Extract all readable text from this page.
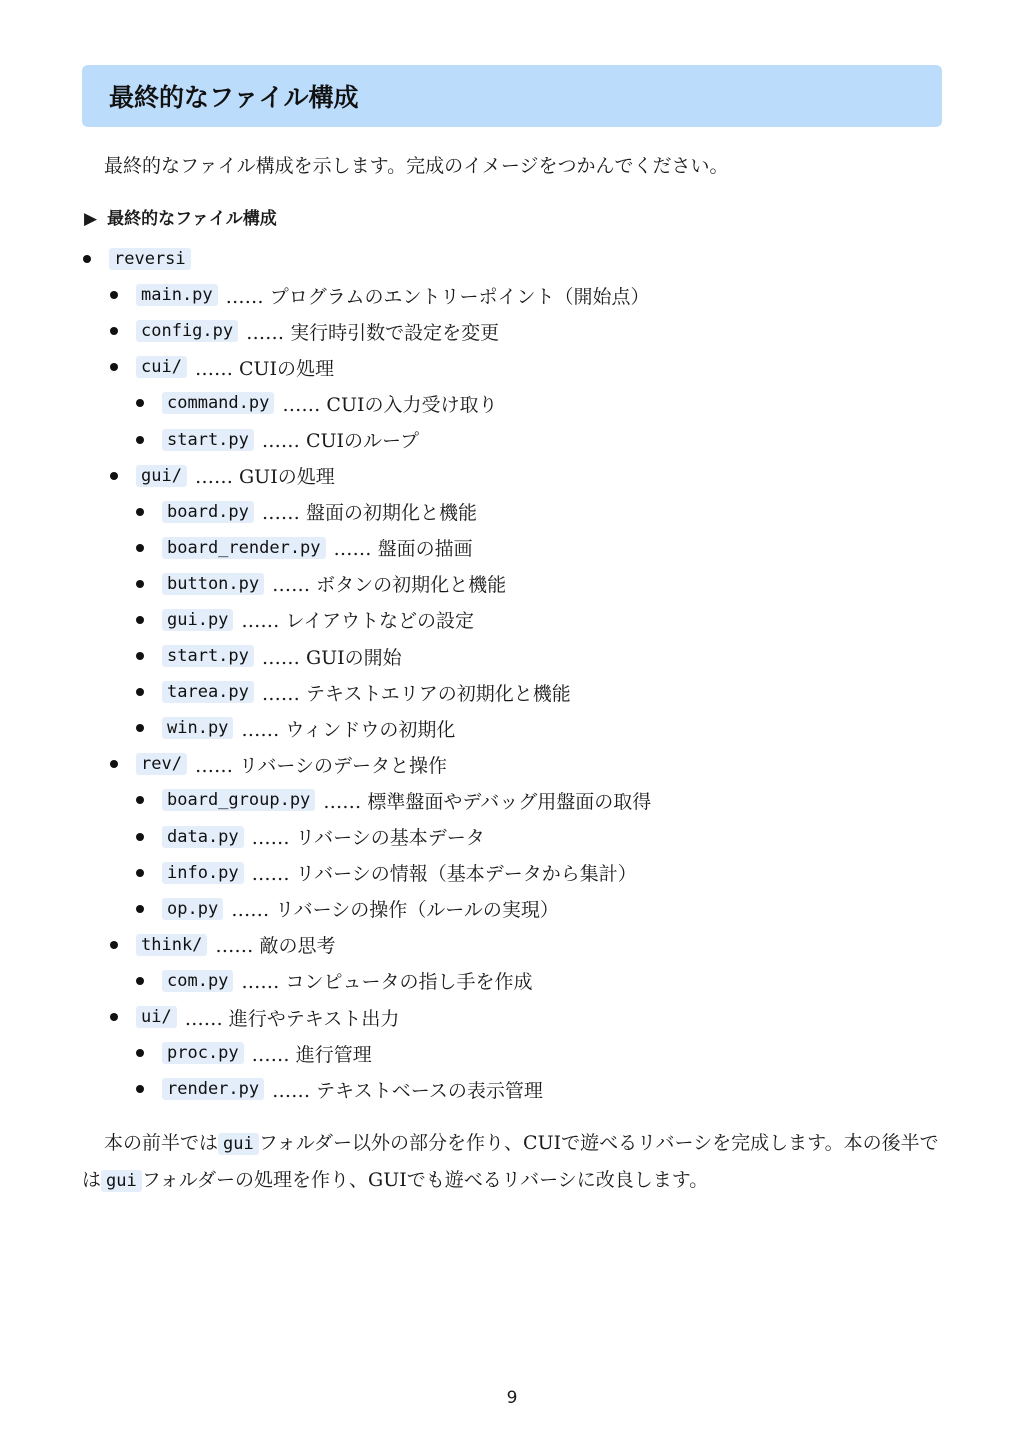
最終的なファイル構成

最終的なファイル構成を示します。完成のイメージをつかんでください。

▶ 最終的なファイル構成

reversi
main.py …… プログラムのエントリーポイント（開始点）
config.py …… 実行時引数で設定を変更
cui/ …… CUIの処理
command.py …… CUIの入力受け取り
start.py …… CUIのループ
gui/ …… GUIの処理
board.py …… 盤面の初期化と機能
board_render.py …… 盤面の描画
button.py …… ボタンの初期化と機能
gui.py …… レイアウトなどの設定
start.py …… GUIの開始
tarea.py …… テキストエリアの初期化と機能
win.py …… ウィンドウの初期化
rev/ …… リバーシのデータと操作
board_group.py …… 標準盤面やデバッグ用盤面の取得
data.py …… リバーシの基本データ
info.py …… リバーシの情報（基本データから集計）
op.py …… リバーシの操作（ルールの実現）
think/ …… 敵の思考
com.py …… コンピュータの指し手を作成
ui/ …… 進行やテキスト出力
proc.py …… 進行管理
render.py …… テキストベースの表示管理

本の前半では gui フォルダー以外の部分を作り、CUIで遊べるリバーシを完成します。本の後半では gui フォルダーの処理を作り、GUIでも遊べるリバーシに改良します。

9
